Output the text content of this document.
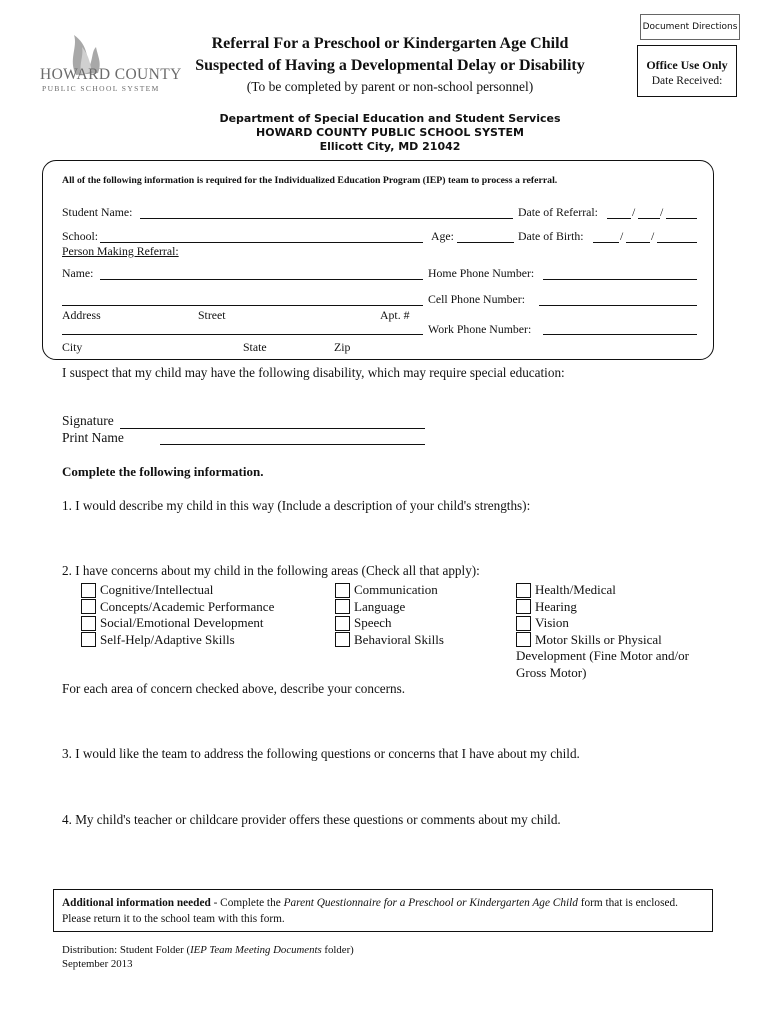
Document Directions
HOWARD COUNTY
PUBLIC SCHOOL SYSTEM
Referral For a Preschool or Kindergarten Age Child
Suspected of Having a Developmental Delay or Disability
(To be completed by parent or non-school personnel)
Department of Special Education and Student Services
HOWARD COUNTY PUBLIC SCHOOL SYSTEM
Ellicott City, MD 21042
Office Use Only
Date Received:
All of the following information is required for the Individualized Education Program (IEP) team to process a referral.
Student Name:	Date of Referral:	/ /
School:	Age:	Date of Birth:	/ /
Person Making Referral:
Name:	Home Phone Number:
Cell Phone Number:
Address	Street	Apt. #
Work Phone Number:
City	State	Zip
I suspect that my child may have the following disability, which may require special education:
Signature
Print Name
Complete the following information.
1. I would describe my child in this way (Include a description of your child's strengths):
2. I have concerns about my child in the following areas (Check all that apply):
Cognitive/Intellectual
Concepts/Academic Performance
Social/Emotional Development
Self-Help/Adaptive Skills
Communication
Language
Speech
Behavioral Skills
Health/Medical
Hearing
Vision
Motor Skills or Physical
Development (Fine Motor and/or
Gross Motor)
For each area of concern checked above, describe your concerns.
3. I would like the team to address the following questions or concerns that I have about my child.
4. My child's teacher or childcare provider offers these questions or comments about my child.
Additional information needed - Complete the Parent Questionnaire for a Preschool or Kindergarten Age Child form that is enclosed. Please return it to the school team with this form.
Distribution: Student Folder (IEP Team Meeting Documents folder)
September 2013
